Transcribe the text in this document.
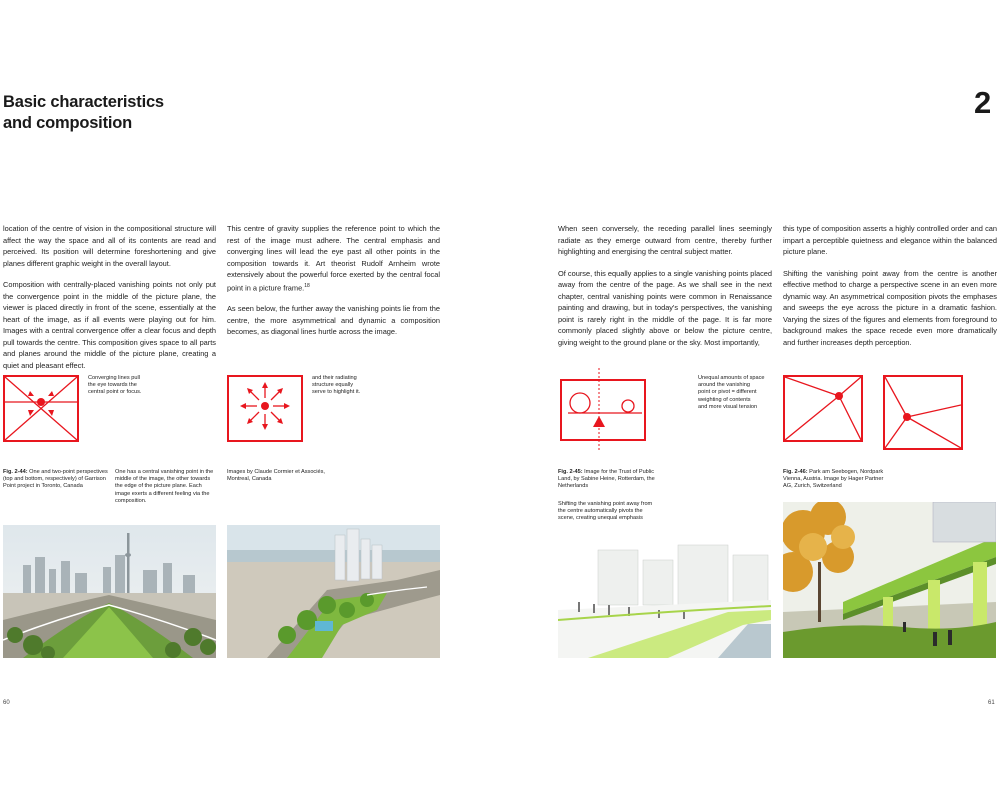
Basic characteristics
and composition

location of the centre of vision in the compositional structure will affect the way the space and all of its contents are read and perceived. Its position will determine foreshortening and give planes different graphic weight in the overall layout.

Composition with centrally-placed vanishing points not only put the convergence point in the middle of the picture plane, the viewer is placed directly in front of the scene, essentially at the heart of the image, as if all events were playing out for him. Images with a central convergence offer a clear focus and depth pull towards the centre. This composition gives space to all parts and planes around the middle of the picture plane, creating a quiet and pleasant effect.

This centre of gravity supplies the reference point to which the rest of the image must adhere. The central emphasis and converging lines will lead the eye past all other points in the composition towards it. Art theorist Rudolf Arnheim wrote extensively about the powerful force exerted by the central focal point in a picture frame.$^{18}$

As seen below, the further away the vanishing points lie from the centre, the more asymmetrical and dynamic a composition becomes, as diagonal lines hurtle across the image.

Converging lines pull
the eye towards the
central point or focus.
and their radiating
structure equally
serve to highlight it.
Fig. 2-44: One and two-point perspectives (top and bottom, respectively) of Garrison Point project in Toronto, Canada
One has a central vanishing point in the middle of the image, the other towards the edge of the picture plane. Each image exerts a different feeling via the composition.
Images by Claude Cormier et Associés, Montreal, Canada
60
2

When seen conversely, the receding parallel lines seemingly radiate as they emerge outward from centre, thereby further highlighting and energising the central subject matter.

Of course, this equally applies to a single vanishing points placed away from the centre of the page. As we shall see in the next chapter, central vanishing points were common in Renaissance painting and drawing, but in today's perspectives, the vanishing point is rarely right in the middle of the page. It is far more commonly placed slightly above or below the picture centre, giving weight to the ground plane or the sky. Most importantly,

this type of composition asserts a highly controlled order and can impart a perceptible quietness and elegance within the balanced picture plane.

Shifting the vanishing point away from the centre is another effective method to charge a perspective scene in an even more dynamic way. An asymmetrical composition pivots the emphases and sweeps the eye across the picture in a dramatic fashion. Varying the sizes of the figures and elements from foreground to background makes the space recede even more dramatically and further increases depth perception.

Unequal amounts of space
around the vanishing
point or pivot = different
weighting of contents
and more visual tension
Fig. 2-45: Image for the Trust of Public Land, by Sabine Heine, Rotterdam, the Netherlands
Shifting the vanishing point away from the centre automatically pivots the scene, creating unequal emphasis
Fig. 2-46: Park am Seebogen, Nordpark Vienna, Austria. Image by Hager Partner AG, Zurich, Switzerland
61
